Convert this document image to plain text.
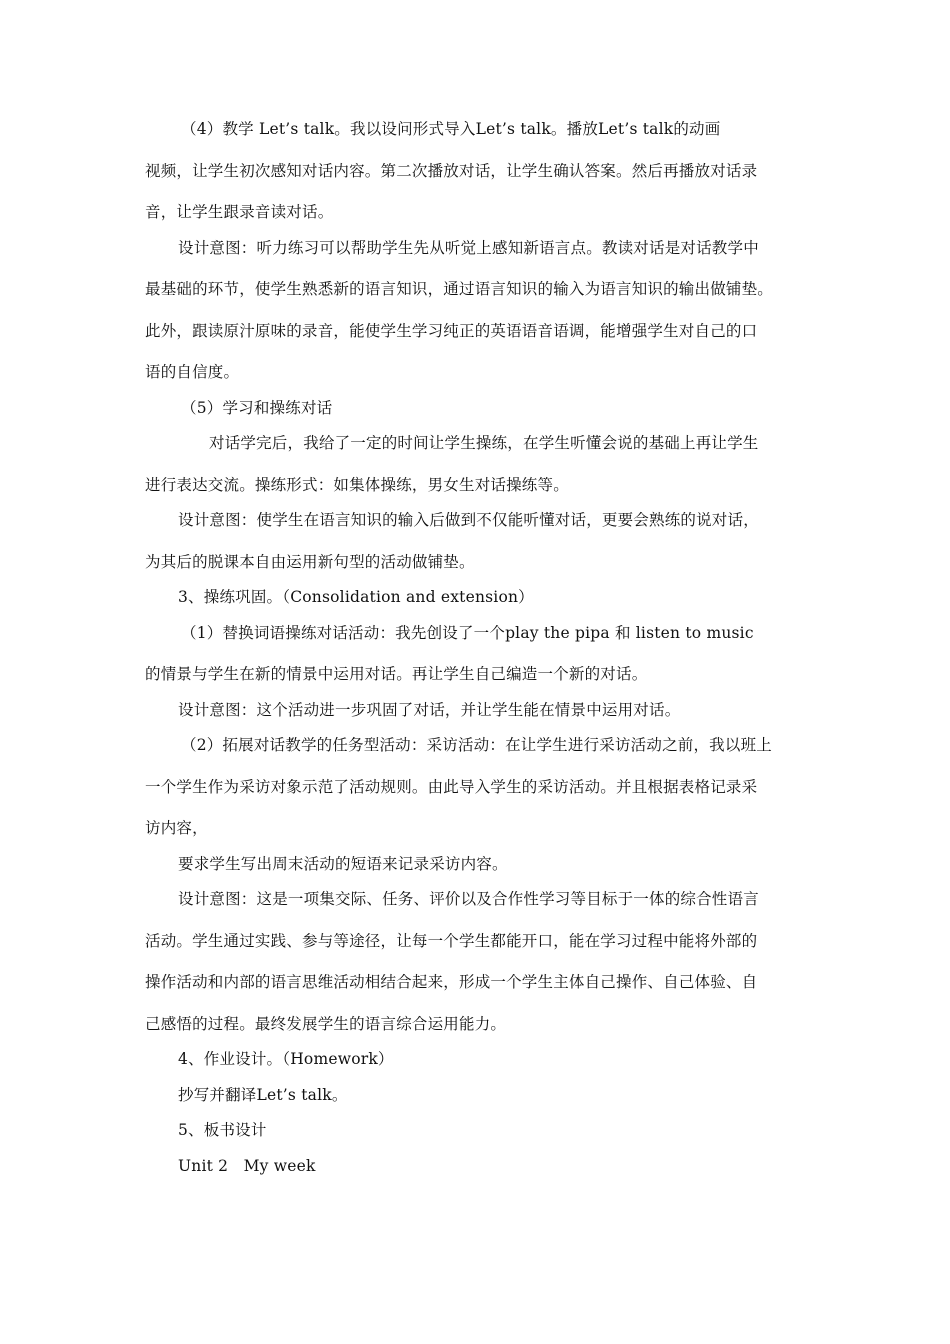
（4）教学 Let’s talk。我以设问形式导入Let’s talk。播放Let’s talk的动画

视频，让学生初次感知对话内容。第二次播放对话，让学生确认答案。然后再播放对话录

音，让学生跟录音读对话。

设计意图：听力练习可以帮助学生先从听觉上感知新语言点。教读对话是对话教学中

最基础的环节，使学生熟悉新的语言知识，通过语言知识的输入为语言知识的输出做铺垫。

此外，跟读原汁原味的录音，能使学生学习纯正的英语语音语调，能增强学生对自己的口

语的自信度。

（5）学习和操练对话

对话学完后，我给了一定的时间让学生操练，在学生听懂会说的基础上再让学生

进行表达交流。操练形式：如集体操练，男女生对话操练等。

设计意图：使学生在语言知识的输入后做到不仅能听懂对话，更要会熟练的说对话，

为其后的脱课本自由运用新句型的活动做铺垫。

3、操练巩固。（Consolidation and extension）

（1）替换词语操练对话活动：我先创设了一个play the pipa 和 listen to music

的情景与学生在新的情景中运用对话。再让学生自己编造一个新的对话。

设计意图：这个活动进一步巩固了对话，并让学生能在情景中运用对话。

（2）拓展对话教学的任务型活动：采访活动：在让学生进行采访活动之前，我以班上

一个学生作为采访对象示范了活动规则。由此导入学生的采访活动。并且根据表格记录采

访内容，

要求学生写出周末活动的短语来记录采访内容。

设计意图：这是一项集交际、任务、评价以及合作性学习等目标于一体的综合性语言

活动。学生通过实践、参与等途径，让每一个学生都能开口，能在学习过程中能将外部的

操作活动和内部的语言思维活动相结合起来，形成一个学生主体自己操作、自己体验、自

己感悟的过程。最终发展学生的语言综合运用能力。

4、作业设计。（Homework）

抄写并翻译Let’s talk。

5、板书设计

Unit 2   My week
